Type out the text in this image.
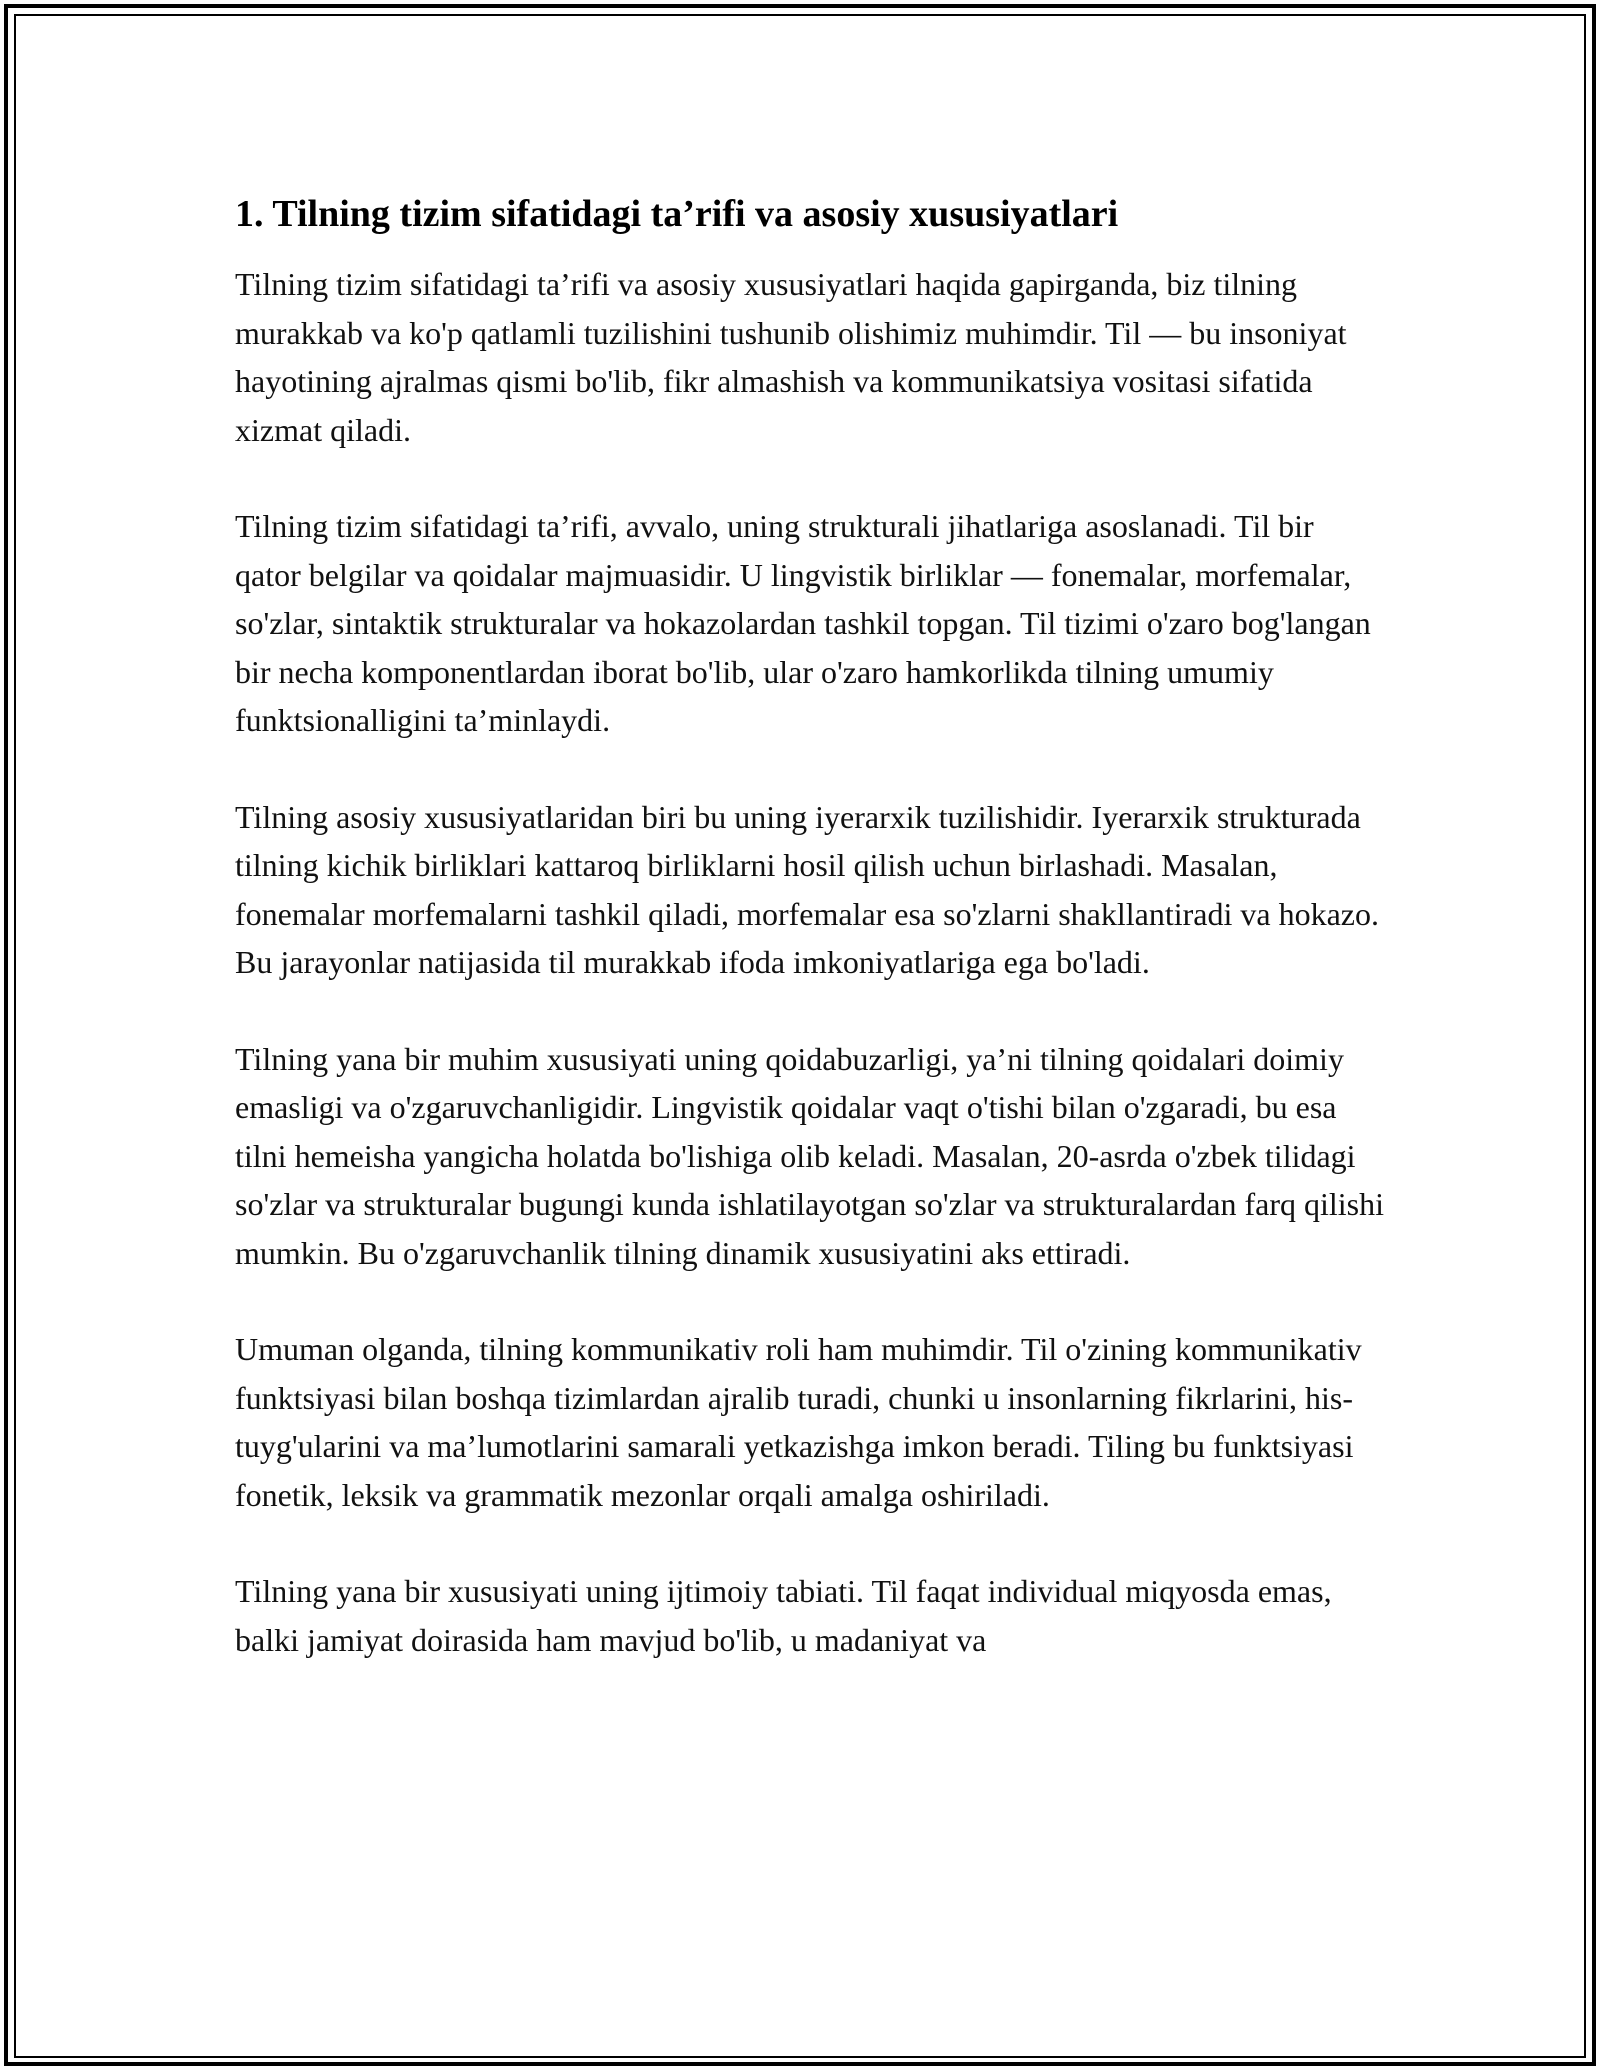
1. Tilning tizim sifatidagi ta’rifi va asosiy xususiyatlari

Tilning tizim sifatidagi ta’rifi va asosiy xususiyatlari haqida gapirganda, biz tilning murakkab va ko'p qatlamli tuzilishini tushunib olishimiz muhimdir. Til — bu insoniyat hayotining ajralmas qismi bo'lib, fikr almashish va kommunikatsiya vositasi sifatida xizmat qiladi.

Tilning tizim sifatidagi ta’rifi, avvalo, uning strukturali jihatlariga asoslanadi. Til bir qator belgilar va qoidalar majmuasidir. U lingvistik birliklar — fonemalar, morfemalar, so'zlar, sintaktik strukturalar va hokazolardan tashkil topgan. Til tizimi o'zaro bog'langan bir necha komponentlardan iborat bo'lib, ular o'zaro hamkorlikda tilning umumiy funktsionalligini ta’minlaydi.

Tilning asosiy xususiyatlaridan biri bu uning iyerarxik tuzilishidir. Iyerarxik strukturada tilning kichik birliklari kattaroq birliklarni hosil qilish uchun birlashadi. Masalan, fonemalar morfemalarni tashkil qiladi, morfemalar esa so'zlarni shakllantiradi va hokazo. Bu jarayonlar natijasida til murakkab ifoda imkoniyatlariga ega bo'ladi.

Tilning yana bir muhim xususiyati uning qoidabuzarligi, ya’ni tilning qoidalari doimiy emasligi va o'zgaruvchanligidir. Lingvistik qoidalar vaqt o'tishi bilan o'zgaradi, bu esa tilni hemeisha yangicha holatda bo'lishiga olib keladi. Masalan, 20-asrda o'zbek tilidagi so'zlar va strukturalar bugungi kunda ishlatilayotgan so'zlar va strukturalardan farq qilishi mumkin. Bu o'zgaruvchanlik tilning dinamik xususiyatini aks ettiradi.

Umuman olganda, tilning kommunikativ roli ham muhimdir. Til o'zining kommunikativ funktsiyasi bilan boshqa tizimlardan ajralib turadi, chunki u insonlarning fikrlarini, his-tuyg'ularini va ma’lumotlarini samarali yetkazishga imkon beradi. Tiling bu funktsiyasi fonetik, leksik va grammatik mezonlar orqali amalga oshiriladi.

Tilning yana bir xususiyati uning ijtimoiy tabiati. Til faqat individual miqyosda emas, balki jamiyat doirasida ham mavjud bo'lib, u madaniyat va
